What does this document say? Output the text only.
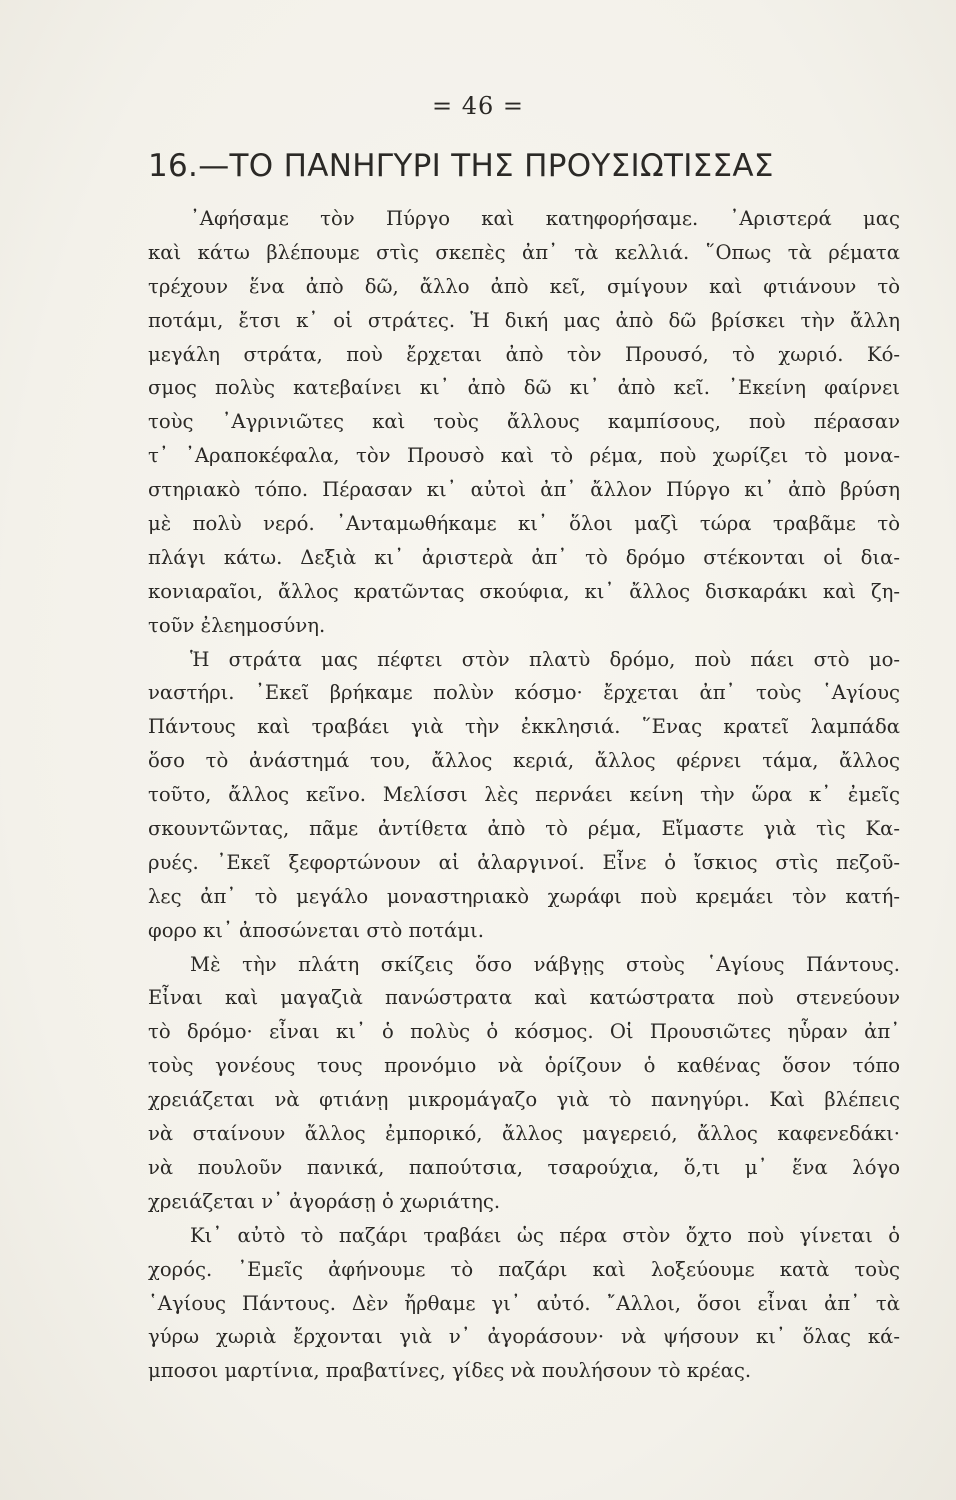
= 46 =
16.—ΤΟ ΠΑΝΗΓΥΡΙ ΤΗΣ ΠΡΟΥΣΙΩΤΙΣΣΑΣ
᾿Αφήσαμε τὸν Πύργο καὶ κατηφορήσαμε. ᾿Αριστερά μας
καὶ κάτω βλέπουμε στὶς σκεπὲς ἀπ᾿ τὰ κελλιά. ῞Οπως τὰ ρέματα
τρέχουν ἕνα ἀπὸ δῶ, ἄλλο ἀπὸ κεῖ, σμίγουν καὶ φτιάνουν τὸ
ποτάμι, ἔτσι κ᾿ οἱ στράτες. Ἡ δική μας ἀπὸ δῶ βρίσκει τὴν ἄλλη
μεγάλη στράτα, ποὺ ἔρχεται ἀπὸ τὸν Προυσό, τὸ χωριό. Κό-
σμος πολὺς κατεβαίνει κι᾿ ἀπὸ δῶ κι᾿ ἀπὸ κεῖ. ᾿Εκείνη φαίρνει
τοὺς ᾿Αγρινιῶτες καὶ τοὺς ἄλλους καμπίσους, ποὺ πέρασαν
τ᾿ ᾿Αραποκέφαλα, τὸν Προυσὸ καὶ τὸ ρέμα, ποὺ χωρίζει τὸ μονα-
στηριακὸ τόπο. Πέρασαν κι᾿ αὐτοὶ ἀπ᾿ ἄλλον Πύργο κι᾿ ἀπὸ βρύση
μὲ πολὺ νερό. ᾿Ανταμωθήκαμε κι᾿ ὅλοι μαζὶ τώρα τραβᾶμε τὸ
πλάγι κάτω. Δεξιὰ κι᾿ ἀριστερὰ ἀπ᾿ τὸ δρόμο στέκονται οἱ δια-
κονιαραῖοι, ἄλλος κρατῶντας σκούφια, κι᾿ ἄλλος δισκαράκι καὶ ζη-
τοῦν ἐλεημοσύνη.
Ἡ στράτα μας πέφτει στὸν πλατὺ δρόμο, ποὺ πάει στὸ μο-
ναστήρι. ᾿Εκεῖ βρήκαμε πολὺν κόσμο· ἔρχεται ἀπ᾿ τοὺς ῾Αγίους
Πάντους καὶ τραβάει γιὰ τὴν ἐκκλησιά. ῞Ενας κρατεῖ λαμπάδα
ὅσο τὸ ἀνάστημά του, ἄλλος κεριά, ἄλλος φέρνει τάμα, ἄλλος
τοῦτο, ἄλλος κεῖνο. Μελίσσι λὲς περνάει κείνη τὴν ὥρα κ᾿ ἐμεῖς
σκουντῶντας, πᾶμε ἀντίθετα ἀπὸ τὸ ρέμα, Εἴμαστε γιὰ τὶς Κα-
ρυές. ᾿Εκεῖ ξεφορτώνουν αἱ ἀλαργινοί. Εἶνε ὁ ἴσκιος στὶς πεζοῦ-
λες ἀπ᾿ τὸ μεγάλο μοναστηριακὸ χωράφι ποὺ κρεμάει τὸν κατή-
φορο κι᾿ ἀποσώνεται στὸ ποτάμι.
Μὲ τὴν πλάτη σκίζεις ὅσο νάβγῃς στοὺς ῾Αγίους Πάντους.
Εἶναι καὶ μαγαζιὰ πανώστρατα καὶ κατώστρατα ποὺ στενεύουν
τὸ δρόμο· εἶναι κι᾿ ὁ πολὺς ὁ κόσμος. Οἱ Προυσιῶτες ηὗραν ἀπ᾿
τοὺς γονέους τους προνόμιο νὰ ὁρίζουν ὁ καθένας ὅσον τόπο
χρειάζεται νὰ φτιάνῃ μικρομάγαζο γιὰ τὸ πανηγύρι. Καὶ βλέπεις
νὰ σταίνουν ἄλλος ἐμπορικό, ἄλλος μαγερειό, ἄλλος καφενεδάκι·
νὰ πουλοῦν πανικά, παπούτσια, τσαρούχια, ὅ,τι μ᾿ ἕνα λόγο
χρειάζεται ν᾿ ἀγοράσῃ ὁ χωριάτης.
Κι᾿ αὐτὸ τὸ παζάρι τραβάει ὡς πέρα στὸν ὄχτο ποὺ γίνεται ὁ
χορός. ᾿Εμεῖς ἀφήνουμε τὸ παζάρι καὶ λοξεύουμε κατὰ τοὺς
῾Αγίους Πάντους. Δὲν ἤρθαμε γι᾿ αὐτό. ῎Αλλοι, ὅσοι εἶναι ἀπ᾿ τὰ
γύρω χωριὰ ἔρχονται γιὰ ν᾿ ἀγοράσουν· νὰ ψήσουν κι᾿ ὅλας κά-
μποσοι μαρτίνια, πραβατίνες, γίδες νὰ πουλήσουν τὸ κρέας.
